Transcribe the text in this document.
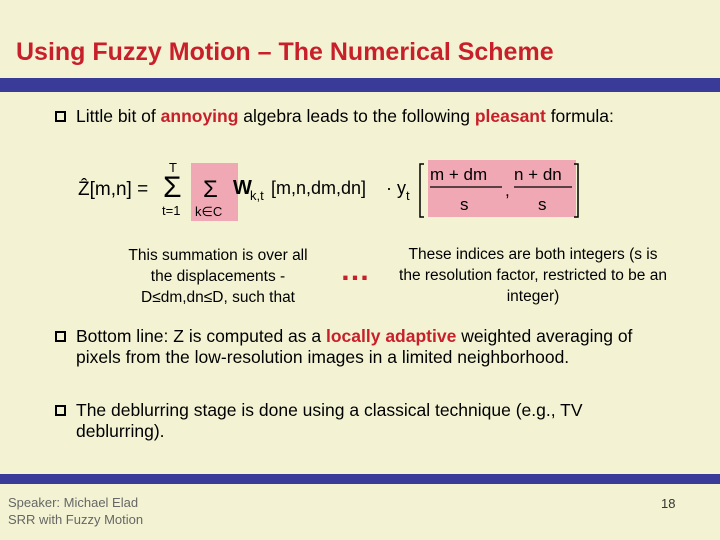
Using Fuzzy Motion – The Numerical Scheme
Little bit of annoying algebra leads to the following pleasant formula:
Ẑ[m,n] = Σ
T
t=1
Σ
k∈C
W
k,t [m,n,dm,dn] · y t
m + dm
s
,
n + dn
s
This summation is over all the displacements - D≤dm,dn≤D, such that
…	These indices are both integers (s is the resolution factor, restricted to be an integer)
Bottom line: Z is computed as a locally adaptive weighted averaging of pixels from the low-resolution images in a limited neighborhood.
The deblurring stage is done using a classical technique (e.g., TV deblurring).
Speaker: Michael Elad
SRR with Fuzzy Motion
18
